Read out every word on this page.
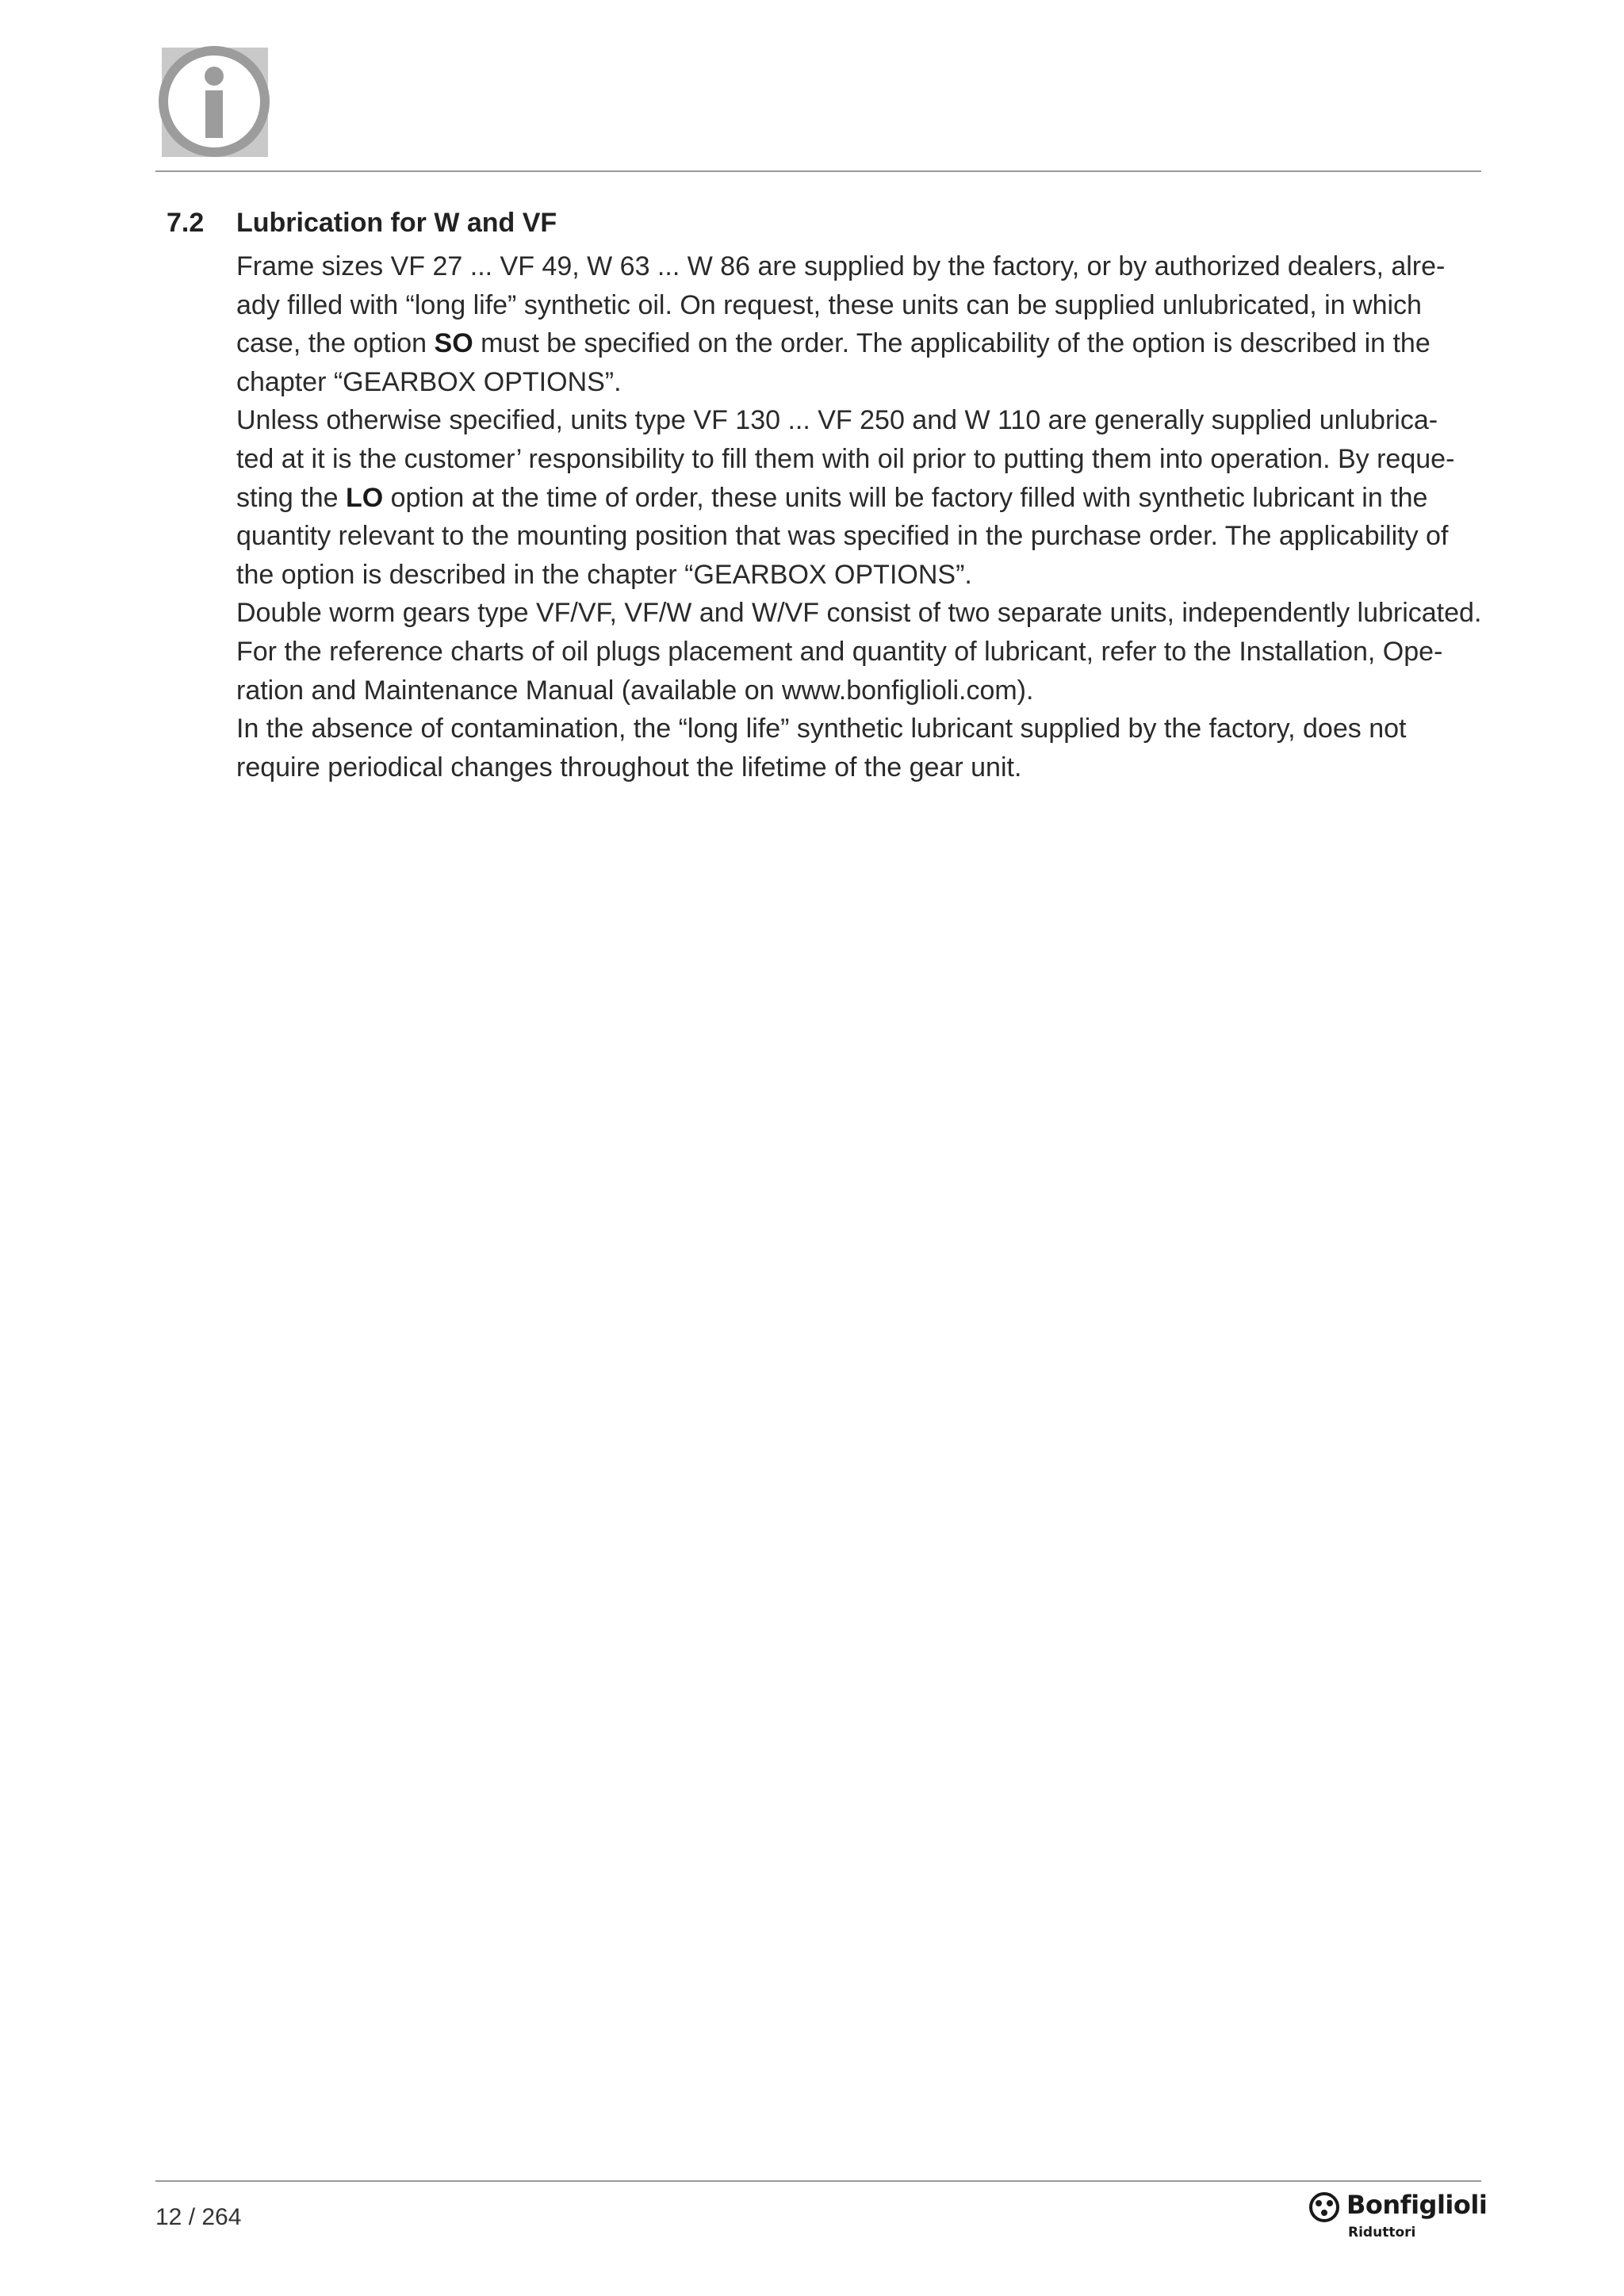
7.2	Lubrication for W and VF
Frame sizes VF 27 ... VF 49, W 63 ... W 86 are supplied by the factory, or by authorized dealers, alre-
ady filled with “long life” synthetic oil. On request, these units can be supplied unlubricated, in which
case, the option SO must be specified on the order. The applicability of the option is described in the
chapter “GEARBOX OPTIONS”.
Unless otherwise specified, units type VF 130 ... VF 250 and W 110 are generally supplied unlubrica-
ted at it is the customer’ responsibility to fill them with oil prior to putting them into operation. By reque-
sting the LO option at the time of order, these units will be factory filled with synthetic lubricant in the
quantity relevant to the mounting position that was specified in the purchase order. The applicability of
the option is described in the chapter “GEARBOX OPTIONS”.
Double worm gears type VF/VF, VF/W and W/VF consist of two separate units, independently lubricated.
For the reference charts of oil plugs placement and quantity of lubricant, refer to the Installation, Ope-
ration and Maintenance Manual (available on www.bonfiglioli.com).
In the absence of contamination, the “long life” synthetic lubricant supplied by the factory, does not
require periodical changes throughout the lifetime of the gear unit.
12 / 264	Bonfiglioli
Riduttori
